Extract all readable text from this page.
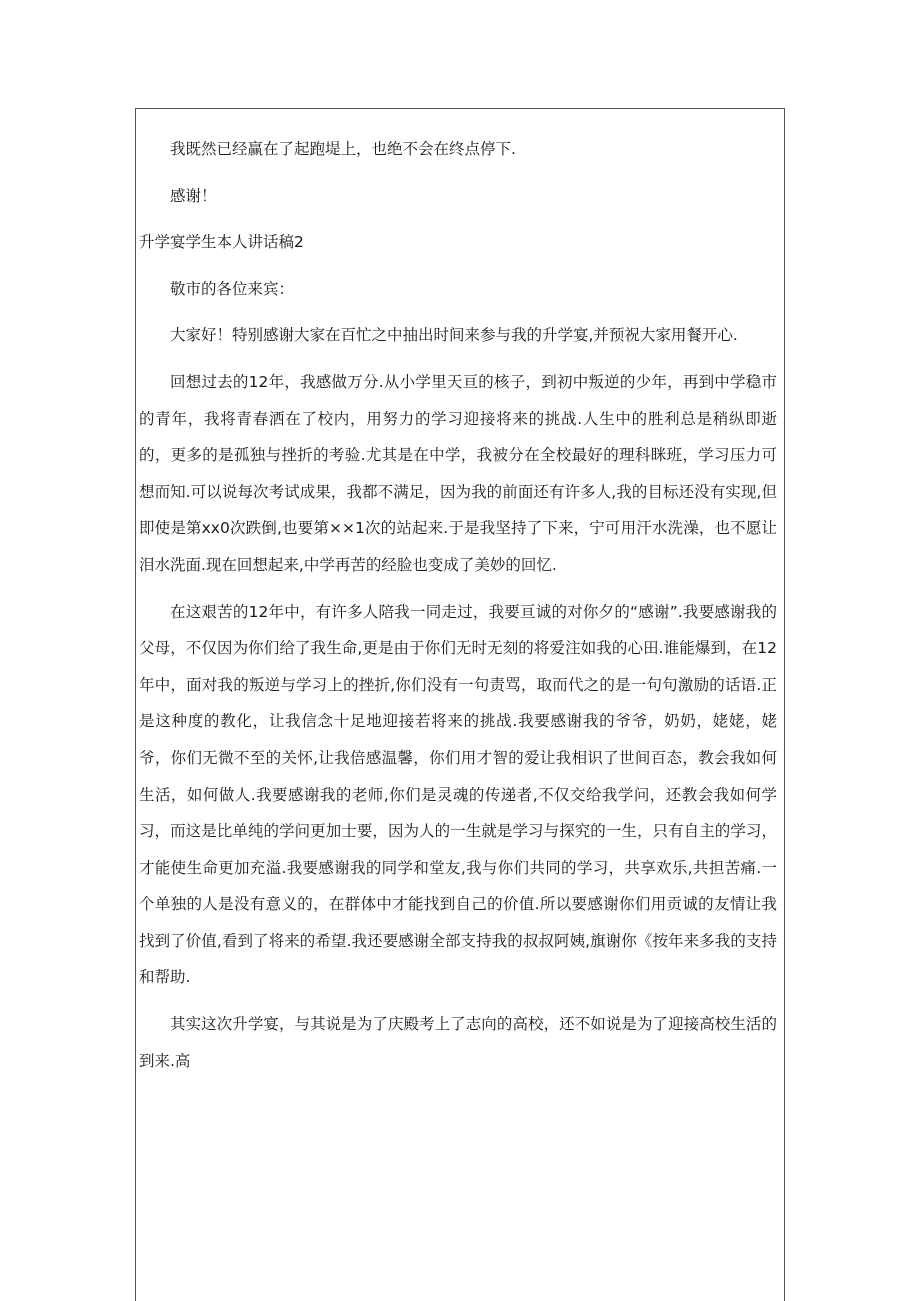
我既然已经赢在了起跑堤上，也绝不会在终点停下.

感谢！

升学宴学生本人讲话稿2

敬市的各位来宾：

大家好！特别感谢大家在百忙之中抽出时间来参与我的升学宴,并预祝大家用餐开心.

回想过去的12年，我感做万分.从小学里天亘的核子，到初中叛逆的少年，再到中学稳市的青年，我将青春洒在了校内，用努力的学习迎接将来的挑战.人生中的胜利总是稍纵即逝的，更多的是孤独与挫折的考验.尤其是在中学，我被分在全校最好的理科眯班，学习压力可想而知.可以说每次考试成果，我都不满足，因为我的前面还有许多人,我的目标还没有实现,但即使是第xx0次跌倒,也要第××1次的站起来.于是我坚持了下来，宁可用汗水洗澡，也不愿让泪水洗面.现在回想起来,中学再苦的经脸也变成了美妙的回忆.

在这艰苦的12年中，有许多人陪我一同走过，我要亘诚的对你夕的“感谢”.我要感谢我的父母，不仅因为你们给了我生命,更是由于你们无时无刻的将爱注如我的心田.谁能爆到，在12年中，面对我的叛逆与学习上的挫折,你们没有一句责骂，取而代之的是一句句激励的话语.正是这种度的教化，让我信念十足地迎接若将来的挑战.我要感谢我的爷爷，奶奶，姥姥，姥爷，你们无微不至的关怀,让我倍感温馨，你们用才智的爱让我相识了世间百态，教会我如何生活，如何做人.我要感谢我的老师,你们是灵魂的传递者,不仅交给我学问，还教会我如何学习，而这是比单纯的学问更加士要，因为人的一生就是学习与探究的一生，只有自主的学习，才能使生命更加充溢.我要感谢我的同学和堂友,我与你们共同的学习，共享欢乐,共担苦痛.一个单独的人是没有意义的，在群体中才能找到自己的价值.所以要感谢你们用贡诚的友情让我找到了价值,看到了将来的希望.我还要感谢全部支持我的叔叔阿姨,旗谢你《按年来多我的支持和帮助.

其实这次升学宴，与其说是为了庆殿考上了志向的高校，还不如说是为了迎接高校生活的到来.高
